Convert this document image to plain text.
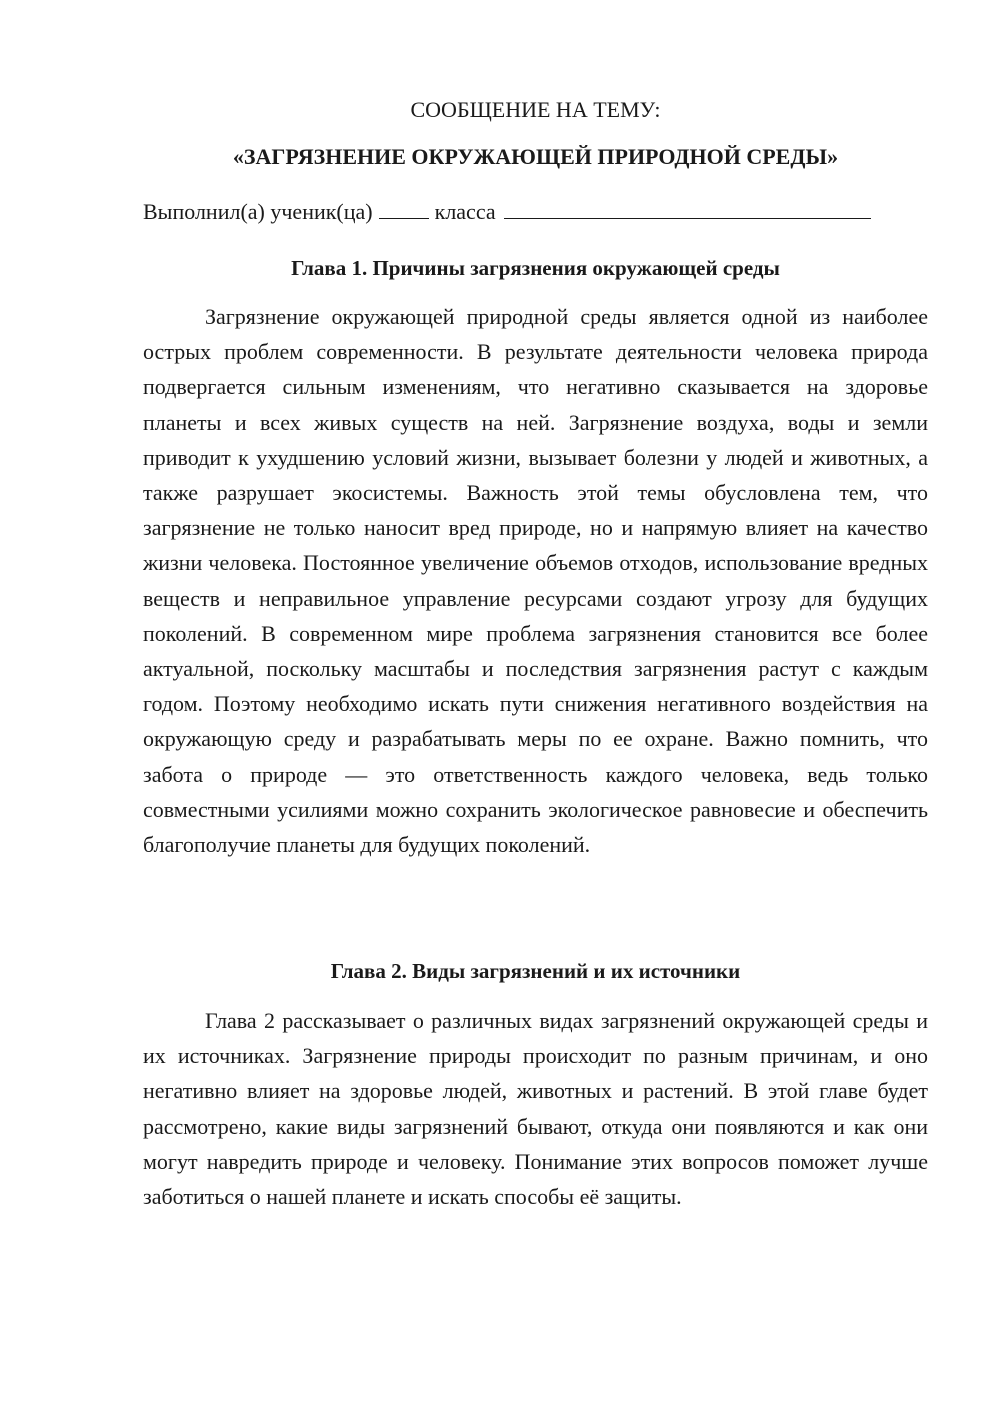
СООБЩЕНИЕ НА ТЕМУ:
«ЗАГРЯЗНЕНИЕ ОКРУЖАЮЩЕЙ ПРИРОДНОЙ СРЕДЫ»
Выполнил(а) ученик(ца)	класса
Глава 1. Причины загрязнения окружающей среды

Загрязнение окружающей природной среды является одной из наиболее острых проблем современности. В результате деятельности человека природа подвергается сильным изменениям, что негативно сказывается на здоровье планеты и всех живых существ на ней. Загрязнение воздуха, воды и земли приводит к ухудшению условий жизни, вызывает болезни у людей и животных, а также разрушает экосистемы. Важность этой темы обусловлена тем, что загрязнение не только наносит вред природе, но и напрямую влияет на качество жизни человека. Постоянное увеличение объемов отходов, использование вредных веществ и неправильное управление ресурсами создают угрозу для будущих поколений. В современном мире проблема загрязнения становится все более актуальной, поскольку масштабы и последствия загрязнения растут с каждым годом. Поэтому необходимо искать пути снижения негативного воздействия на окружающую среду и разрабатывать меры по ее охране. Важно помнить, что забота о природе — это ответственность каждого человека, ведь только совместными усилиями можно сохранить экологическое равновесие и обеспечить благополучие планеты для будущих поколений.

Глава 2. Виды загрязнений и их источники

Глава 2 рассказывает о различных видах загрязнений окружающей среды и их источниках. Загрязнение природы происходит по разным причинам, и оно негативно влияет на здоровье людей, животных и растений. В этой главе будет рассмотрено, какие виды загрязнений бывают, откуда они появляются и как они могут навредить природе и человеку. Понимание этих вопросов поможет лучше заботиться о нашей планете и искать способы её защиты.
